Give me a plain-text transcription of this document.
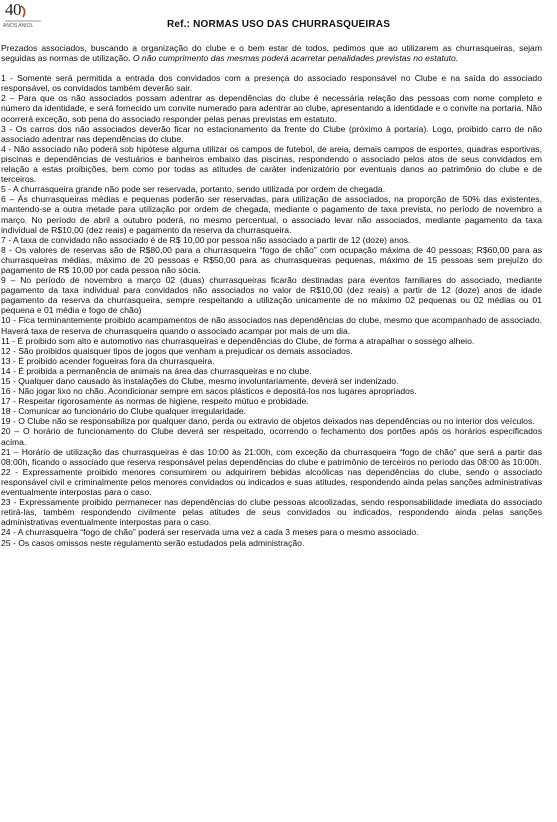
40
ANOS ANIOL	Ref.: NORMAS USO DAS CHURRASQUEIRAS

Prezados associados, buscando a organização do clube e o bem estar de todos, pedimos que ao utilizarem as churrasqueiras, sejam seguidas as normas de utilização. O não cumprimento das mesmas poderá acarretar penalidades previstas no estatuto.

1 - Somente será permitida a entrada dos convidados com a presença do associado responsável no Clube e na saída do associado responsável, os convidados também deverão sair.

2 – Para que os não associados possam adentrar as dependências do clube é necessária relação das pessoas com nome completo e número da identidade, e será fornecido um convite numerado para adentrar ao clube, apresentando a identidade e o convite na portaria. Não ocorrerá exceção, sob pena do associado responder pelas penas previstas em estatuto.

3 - Os carros dos não associados deverão ficar no estacionamento da frente do Clube (próximo à portaria). Logo, proibido carro de não associado adentrar nas dependências do clube.

4 - Não associado não poderá sob hipótese alguma utilizar os campos de futebol, de areia, demais campos de esportes, quadras esportivas, piscinas e dependências de vestuários e banheiros embaixo das piscinas, respondendo o associado pelos atos de seus convidados em relação a estas proibições, bem como por todas as atitudes de caráter indenizatório por eventuais danos ao patrimônio do clube e de terceiros.

5 - A churrasqueira grande não pode ser reservada, portanto, sendo utilizada por ordem de chegada.

6 – Às churrasqueiras médias e pequenas poderão ser reservadas, para utilização de associados, na proporção de 50% das existentes, mantendo-se a outra metade para utilização por ordem de chegada, mediante o pagamento de taxa prevista, no período de novembro a março. No período de abril a outubro poderá, no mesmo percentual, o associado levar não associados, mediante pagamento da taxa individual de R$10,00 (dez reais) e pagamento da reserva da churrasqueira.

7 - A taxa de convidado não associado é de R$ 10,00 por pessoa não associado a partir de 12 (doze) anos.

8 - Os valores de reservas são de R$80,00 para a churrasqueira “fogo de chão” com ocupação máxima de 40 pessoas; R$60,00 para as churrasqueiras médias, máximo de 20 pessoas e R$50,00 para as churrasqueiras pequenas, máximo de 15 pessoas sem prejuízo do pagamento de R$ 10,00 por cada pessoa não sócia.

9 – No período de novembro a março 02 (duas) churrasqueiras ficarão destinadas para eventos familiares do associado, mediante pagamento da taxa individual para convidados não associados no valor de R$10,00 (dez reais) a partir de 12 (doze) anos de idade pagamento da reserva da churrasqueira, sempre respeitando a utilização unicamente de no máximo 02 pequenas ou 02 médias ou 01 pequena e 01 média e fogo de chão)

10 - Fica terminantemente proibido acampamentos de não associados nas dependências do clube, mesmo que acompanhado de associado. Haverá taxa de reserva de churrasqueira quando o associado acampar por mais de um dia.

11 - É proibido som alto e automotivo nas churrasqueiras e dependências do Clube, de forma a atrapalhar o sossego alheio.

12 - São proibidos quaisquer tipos de jogos que venham a prejudicar os demais associados.

13 - É proibido acender fogueiras fora da churrasqueira.

14 - É proibida a permanência de animais na área das churrasqueiras e no clube.

15 - Qualquer dano causado às instalações do Clube, mesmo involuntariamente, deverá ser indenizado.

16 - Não jogar lixo no chão. Acondicionar sempre em sacos plásticos e depositá-los nos lugares apropriados.

17 - Respeitar rigorosamente as normas de higiene, respeito mútuo e probidade.

18 - Comunicar ao funcionário do Clube qualquer irregularidade.

19 - O Clube não se responsabiliza por qualquer dano, perda ou extravio de objetos deixados nas dependências ou no interior dos veículos.

20 – O horário de funcionamento do Clube deverá ser respeitado, ocorrendo o fechamento dos portões após os horários especificados acima.

21 – Horário de utilização das churrasqueiras é das 10:00 às 21:00h, com exceção da churrasqueira “fogo de chão” que será a partir das 08:00h, ficando o associado que reserva responsável pelas dependências do clube e patrimônio de terceiros no período das 08:00 às 10:00h.

22 - Expressamente proibido menores consumirem ou adquirirem bebidas alcoólicas nas dependências do clube, sendo o associado responsável civil e criminalmente pelos menores convidados ou indicados e suas atitudes, respondendo ainda pelas sanções administrativas eventualmente interpostas para o caso.

23 - Expressamente proibido permanecer nas dependências do clube pessoas alcoolizadas, sendo responsabilidade imediata do associado retirá-las, também respondendo civilmente pelas atitudes de seus convidados ou indicados, respondendo ainda pelas sanções administrativas eventualmente interpostas para o caso.

24 - A churrasqueira “fogo de chão” poderá ser reservada uma vez a cada 3 meses para o mesmo associado.

25 - Os casos omissos neste regulamento serão estudados pela administração.
